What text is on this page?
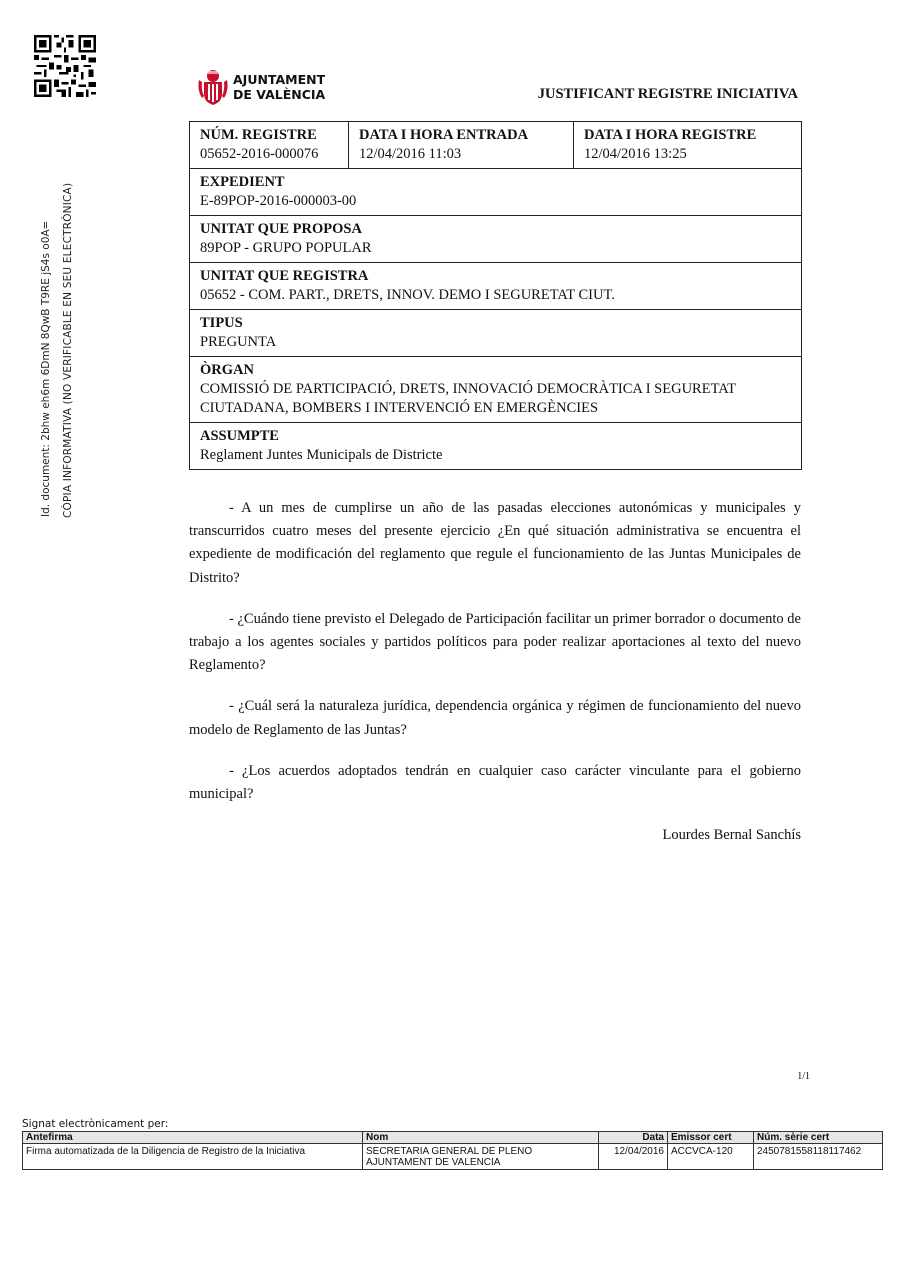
Id. document: 2bhw eh6m 6DmN 8QwB T9RE jS4s o0A= CÒPIA INFORMATIVA (NO VERIFICABLE EN SEU ELECTRÒNICA)
AJUNTAMENT
DE VALÈNCIA	JUSTIFICANT REGISTRE INICIATIVA
NÚM. REGISTRE
05652-2016-000076
DATA I HORA ENTRADA
12/04/2016 11:03
DATA I HORA REGISTRE
12/04/2016 13:25
EXPEDIENT
E-89POP-2016-000003-00
UNITAT QUE PROPOSA
89POP - GRUPO POPULAR
UNITAT QUE REGISTRA
05652 - COM. PART., DRETS, INNOV. DEMO I SEGURETAT CIUT.
TIPUS
PREGUNTA
ÒRGAN
COMISSIÓ DE PARTICIPACIÓ, DRETS, INNOVACIÓ DEMOCRÀTICA I SEGURETAT CIUTADANA, BOMBERS I INTERVENCIÓ EN EMERGÈNCIES
ASSUMPTE
Reglament Juntes Municipals de Districte

- A un mes de cumplirse un año de las pasadas elecciones autonómicas y municipales y transcurridos cuatro meses del presente ejercicio ¿En qué situación administrativa se encuentra el expediente de modificación del reglamento que regule el funcionamiento de las Juntas Municipales de Distrito?

- ¿Cuándo tiene previsto el Delegado de Participación facilitar un primer borrador o documento de trabajo a los agentes sociales y partidos políticos para poder realizar aportaciones al texto del nuevo Reglamento?

- ¿Cuál será la naturaleza jurídica, dependencia orgánica y régimen de funcionamiento del nuevo modelo de Reglamento de las Juntas?

- ¿Los acuerdos adoptados tendrán en cualquier caso carácter vinculante para el gobierno municipal?

Lourdes Bernal Sanchís
1/1
Signat electrònicament per:
Antefirma	Nom	Data	Emissor cert	Núm. sèrie cert
Firma automatizada de la Diligencia de Registro de la Iniciativa	SECRETARIA GENERAL DE PLENO
AJUNTAMENT DE VALENCIA	12/04/2016	ACCVCA-120	2450781558118117462
